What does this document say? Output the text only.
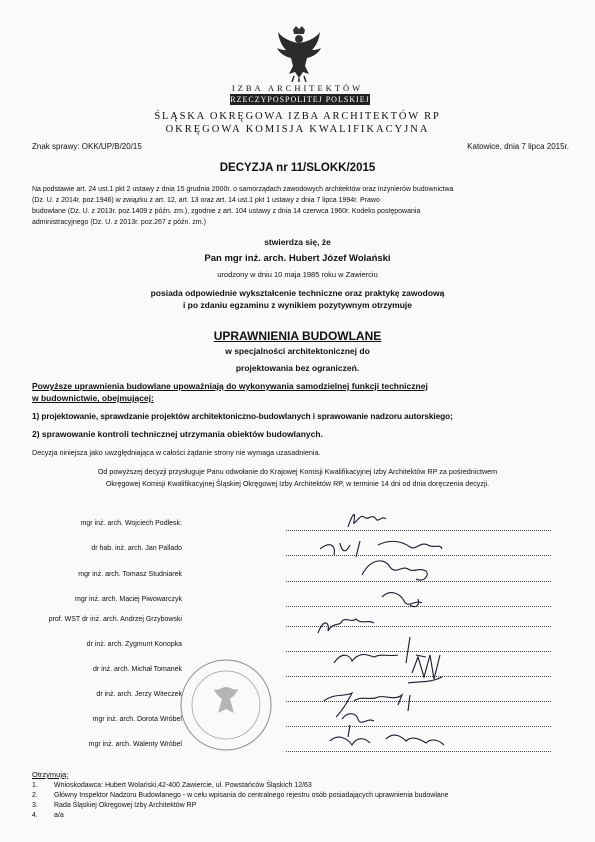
IZBA ARCHITEKTÓW
RZECZYPOSPOLITEJ POLSKIEJ
ŚLĄSKA OKRĘGOWA IZBA ARCHITEKTÓW RP
OKRĘGOWA KOMISJA KWALIFIKACYJNA
Znak sprawy: OKK/UP/B/20/15	Katowice, dnia 7 lipca 2015r.
DECYZJA nr 11/SLOKK/2015
Na podstawie art. 24 ust.1 pkt 2 ustawy z dnia 15 grudnia 2000r. o samorządach zawodowych architektów oraz inżynierów budownictwa
(Dz. U. z 2014r. poz.1946) w związku z art. 12, art. 13 oraz art. 14 ust.1 pkt 1 ustawy z dnia 7 lipca 1994r. Prawo
budowlane (Dz. U. z 2013r. poz.1409 z późn. zm.), zgodnie z art. 104 ustawy z dnia 14 czerwca 1960r. Kodeks postępowania
administracyjnego (Dz. U. z 2013r. poz.267 z późn. zm.)
stwierdza się, że
Pan mgr inż. arch. Hubert Józef Wolański
urodzony w dniu 10 maja 1985 roku w Zawierciu
posiada odpowiednie wykształcenie techniczne oraz praktykę zawodową
i po zdaniu egzaminu z wynikiem pozytywnym otrzymuje
UPRAWNIENIA BUDOWLANE
w specjalności architektonicznej do
projektowania bez ograniczeń.
Powyższe uprawnienia budowlane upoważniają do wykonywania samodzielnej funkcji technicznej
w budownictwie, obejmującej:
1) projektowanie, sprawdzanie projektów architektoniczno-budowlanych i sprawowanie nadzoru autorskiego;
2) sprawowanie kontroli technicznej utrzymania obiektów budowlanych.
Decyzja niniejsza jako uwzględniająca w całości żądanie strony nie wymaga uzasadnienia.
Od powyższej decyzji przysługuje Panu odwołanie do Krajowej Komisji Kwalifikacyjnej Izby Architektów RP za pośrednictwem
Okręgowej Komisji Kwalifikacyjnej Śląskiej Okręgowej Izby Architektów RP, w terminie 14 dni od dnia doręczenia decyzji.
mgr inż. arch. Wojciech Podlesk:
dr hab. inż. arch. Jan Pallado
mgr inż. arch. Tomasz Studniarek
mgr inż. arch. Maciej Piwowarczyk
prof. WST dr inż. arch. Andrzej Grzybowski
dr inż. arch. Zygmunt Konopka
dr inż. arch. Michał Tomanek
dr inż. arch. Jerzy Witeczek
mgr inż. arch. Dorota Wróbel
mgr inż. arch. Walenty Wróbel
Otrzymują:
1. Wnioskodawca: Hubert Wolański,42-400 Zawiercie, ul. Powstańców Śląskich 12/63
2. Główny Inspektor Nadzoru Budowlanego - w celu wpisania do centralnego rejestru osób posiadających uprawnienia budowlane
3. Rada Śląskiej Okręgowej Izby Architektów RP
4. a/a
